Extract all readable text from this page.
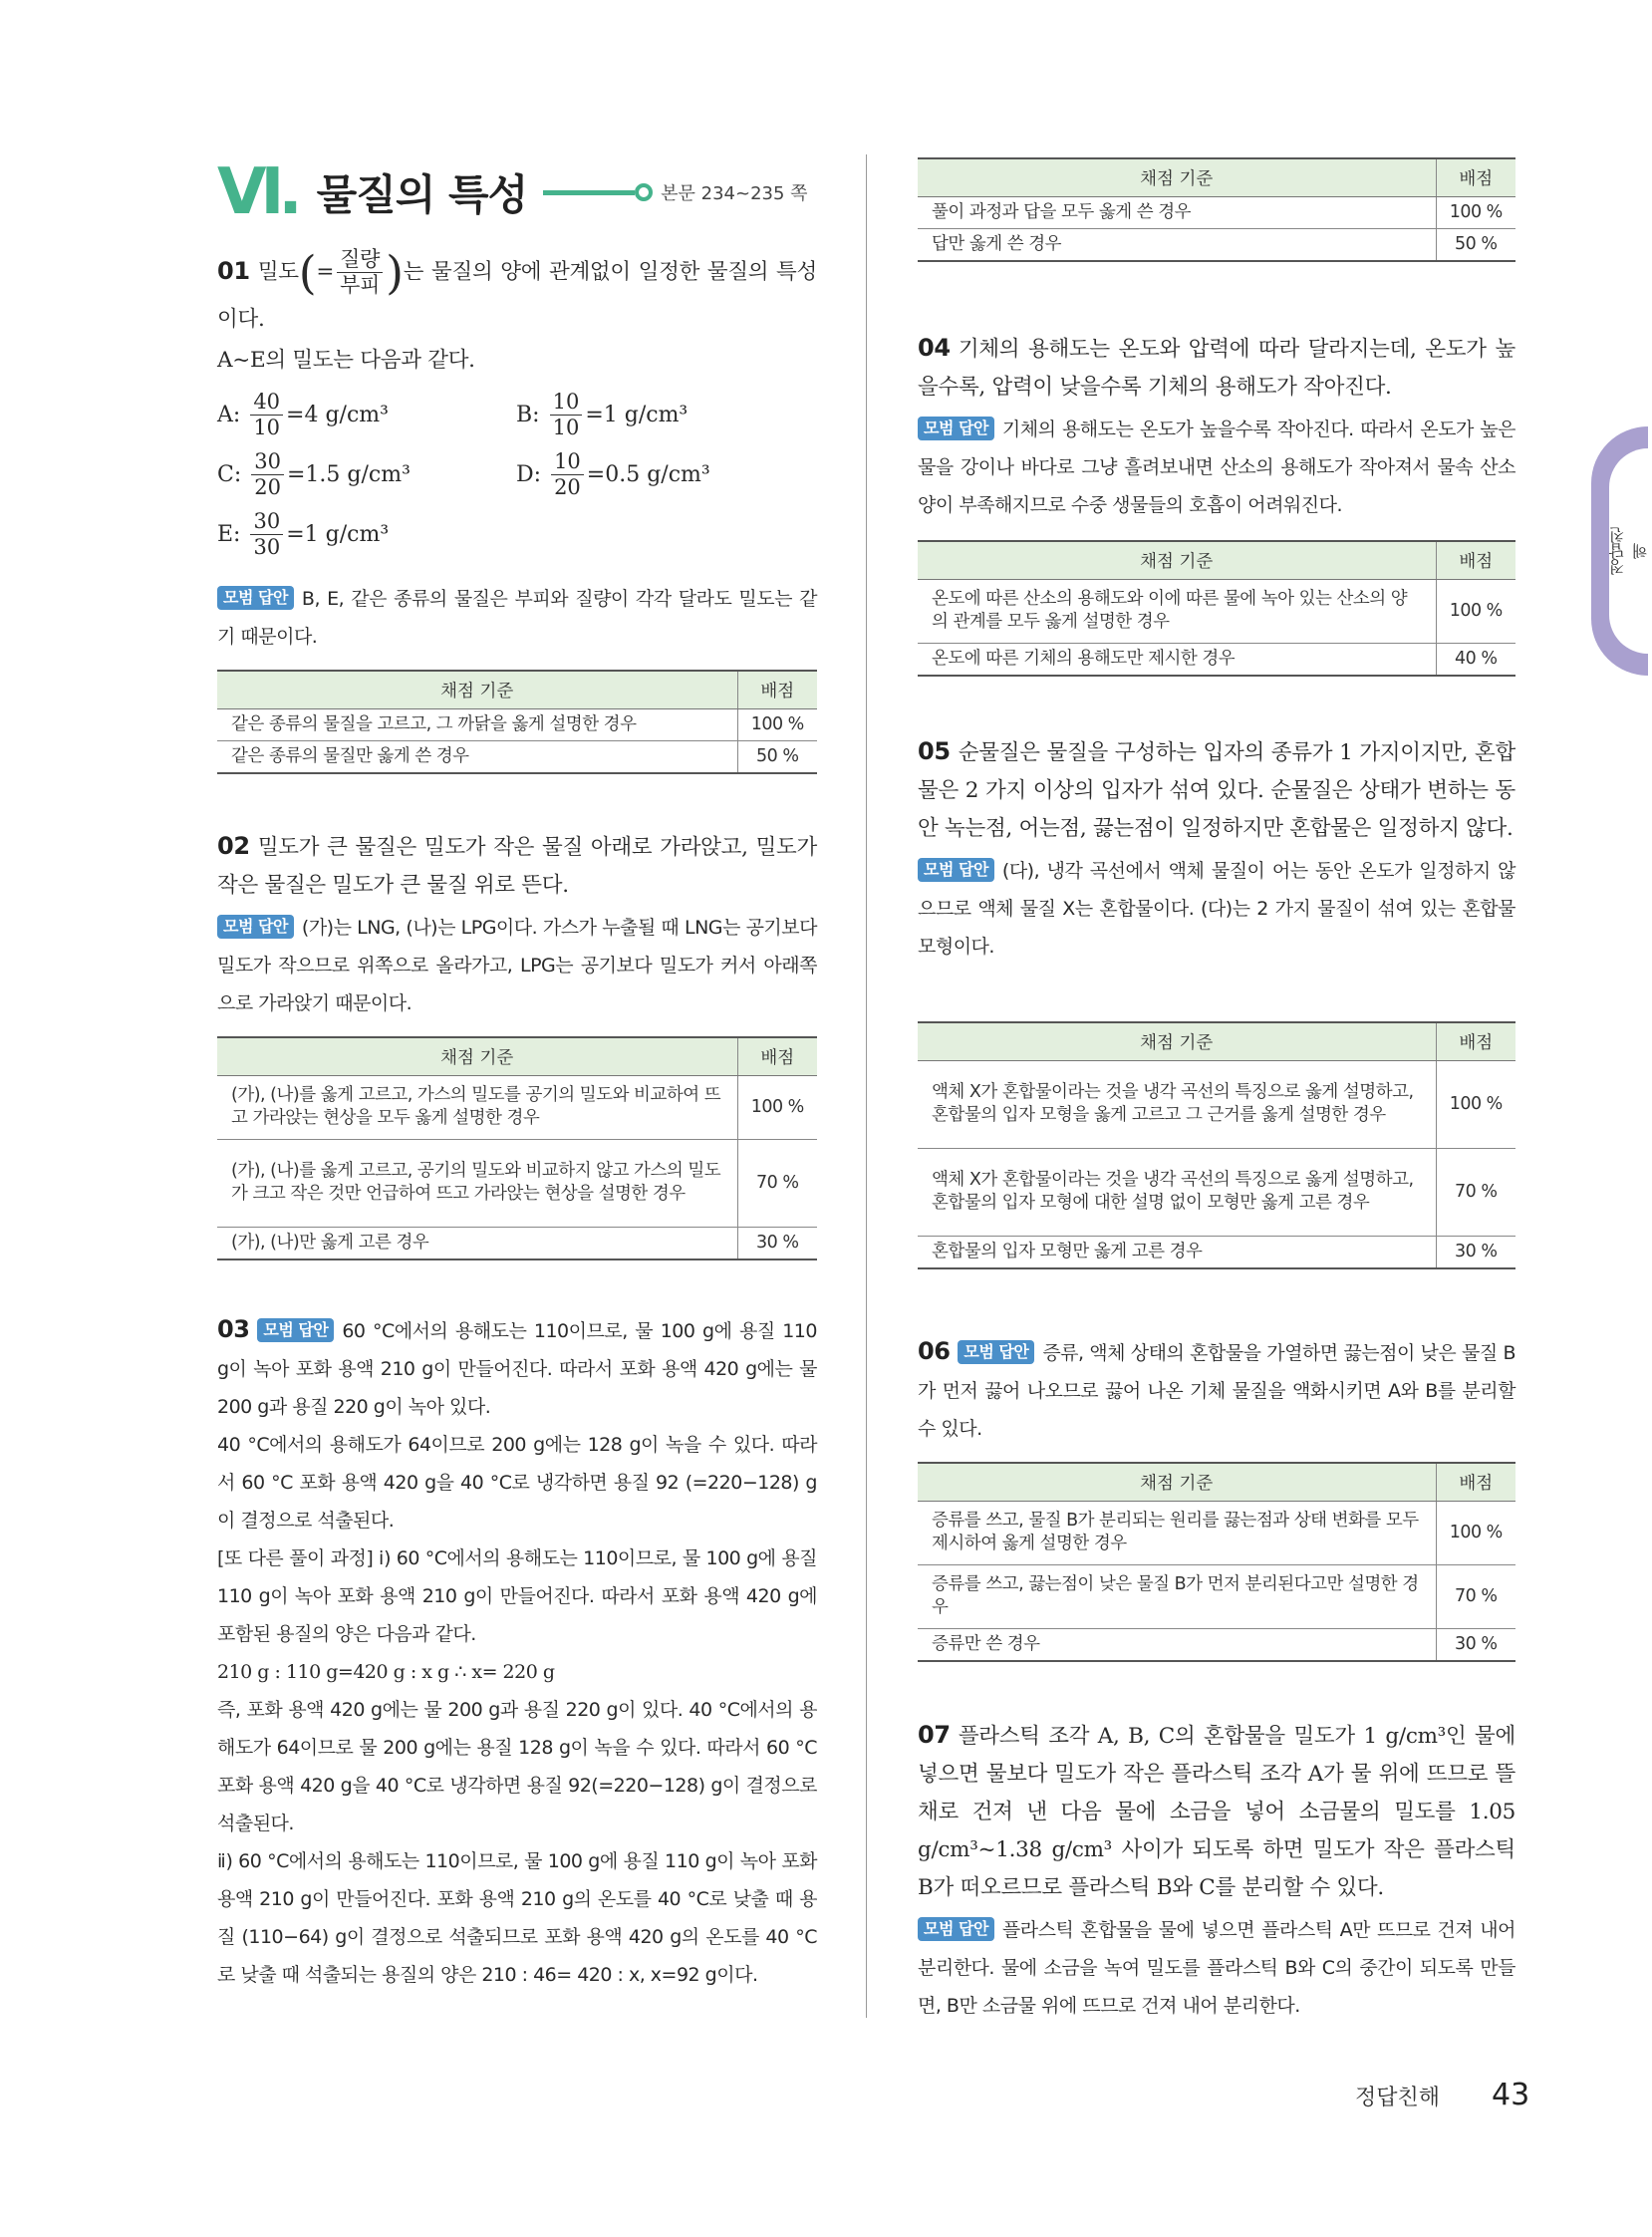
VI. 물질의 특성	본문 234~235 쪽

01 밀도(= $\frac{\text{질량}}{\text{부피}}$ )는 물질의 양에 관계없이 일정한 물질의 특성이다.

A~E의 밀도는 다음과 같다.

A:
$\frac{40}{10} =4$ g/cm³	B:
$\frac{10}{10} =1$ g/cm³
C:
$\frac{30}{20} =1.5$ g/cm³	D:
$\frac{10}{20} =0.5$ g/cm³
E:
$\frac{30}{30} =1$ g/cm³

모범 답안 B, E, 같은 종류의 물질은 부피와 질량이 각각 달라도 밀도는 같기 때문이다.

채점 기준	배점
같은 종류의 물질을 고르고, 그 까닭을 옳게 설명한 경우	100 %
같은 종류의 물질만 옳게 쓴 경우	50 %

02 밀도가 큰 물질은 밀도가 작은 물질 아래로 가라앉고, 밀도가 작은 물질은 밀도가 큰 물질 위로 뜬다.

모범 답안 (가)는 LNG, (나)는 LPG이다. 가스가 누출될 때 LNG는 공기보다 밀도가 작으므로 위쪽으로 올라가고, LPG는 공기보다 밀도가 커서 아래쪽으로 가라앉기 때문이다.

채점 기준	배점
(가), (나)를 옳게 고르고, 가스의 밀도를 공기의 밀도와 비교하여 뜨고 가라앉는 현상을 모두 옳게 설명한 경우	100 %
(가), (나)를 옳게 고르고, 공기의 밀도와 비교하지 않고 가스의 밀도가 크고 작은 것만 언급하여 뜨고 가라앉는 현상을 설명한 경우	70 %
(가), (나)만 옳게 고른 경우	30 %

03 모범 답안 60 °C에서의 용해도는 110이므로, 물 100 g에 용질 110 g이 녹아 포화 용액 210 g이 만들어진다. 따라서 포화 용액 420 g에는 물 200 g과 용질 220 g이 녹아 있다.

40 °C에서의 용해도가 64이므로 200 g에는 128 g이 녹을 수 있다. 따라서 60 °C 포화 용액 420 g을 40 °C로 냉각하면 용질 92 (=220−128) g이 결정으로 석출된다.

[또 다른 풀이 과정] ⅰ) 60 °C에서의 용해도는 110이므로, 물 100 g에 용질 110 g이 녹아 포화 용액 210 g이 만들어진다. 따라서 포화 용액 420 g에 포함된 용질의 양은 다음과 같다.

210 g : 110 g=420 g : x g ∴ x= 220 g

즉, 포화 용액 420 g에는 물 200 g과 용질 220 g이 있다. 40 °C에서의 용해도가 64이므로 물 200 g에는 용질 128 g이 녹을 수 있다. 따라서 60 °C 포화 용액 420 g을 40 °C로 냉각하면 용질 92(=220−128) g이 결정으로 석출된다.

ⅱ) 60 °C에서의 용해도는 110이므로, 물 100 g에 용질 110 g이 녹아 포화 용액 210 g이 만들어진다. 포화 용액 210 g의 온도를 40 °C로 낮출 때 용질 (110−64) g이 결정으로 석출되므로 포화 용액 420 g의 온도를 40 °C로 낮출 때 석출되는 용질의 양은 210 : 46= 420 : x, x=92 g이다.

채점 기준	배점
풀이 과정과 답을 모두 옳게 쓴 경우	100 %
답만 옳게 쓴 경우	50 %

04 기체의 용해도는 온도와 압력에 따라 달라지는데, 온도가 높을수록, 압력이 낮을수록 기체의 용해도가 작아진다.

모범 답안 기체의 용해도는 온도가 높을수록 작아진다. 따라서 온도가 높은 물을 강이나 바다로 그냥 흘려보내면 산소의 용해도가 작아져서 물속 산소 양이 부족해지므로 수중 생물들의 호흡이 어려워진다.

채점 기준	배점
온도에 따른 산소의 용해도와 이에 따른 물에 녹아 있는 산소의 양의 관계를 모두 옳게 설명한 경우	100 %
온도에 따른 기체의 용해도만 제시한 경우	40 %

05 순물질은 물질을 구성하는 입자의 종류가 1 가지이지만, 혼합물은 2 가지 이상의 입자가 섞여 있다. 순물질은 상태가 변하는 동안 녹는점, 어는점, 끓는점이 일정하지만 혼합물은 일정하지 않다.

모범 답안 (다), 냉각 곡선에서 액체 물질이 어는 동안 온도가 일정하지 않으므로 액체 물질 X는 혼합물이다. (다)는 2 가지 물질이 섞여 있는 혼합물 모형이다.

채점 기준	배점
액체 X가 혼합물이라는 것을 냉각 곡선의 특징으로 옳게 설명하고, 혼합물의 입자 모형을 옳게 고르고 그 근거를 옳게 설명한 경우	100 %
액체 X가 혼합물이라는 것을 냉각 곡선의 특징으로 옳게 설명하고, 혼합물의 입자 모형에 대한 설명 없이 모형만 옳게 고른 경우	70 %
혼합물의 입자 모형만 옳게 고른 경우	30 %

06 모범 답안 증류, 액체 상태의 혼합물을 가열하면 끓는점이 낮은 물질 B가 먼저 끓어 나오므로 끓어 나온 기체 물질을 액화시키면 A와 B를 분리할 수 있다.

채점 기준	배점
증류를 쓰고, 물질 B가 분리되는 원리를 끓는점과 상태 변화를 모두 제시하여 옳게 설명한 경우	100 %
증류를 쓰고, 끓는점이 낮은 물질 B가 먼저 분리된다고만 설명한 경우	70 %
증류만 쓴 경우	30 %

07 플라스틱 조각 A, B, C의 혼합물을 밀도가 1 g/cm³인 물에 넣으면 물보다 밀도가 작은 플라스틱 조각 A가 물 위에 뜨므로 뜰채로 건져 낸 다음 물에 소금을 넣어 소금물의 밀도를 1.05 g/cm³~1.38 g/cm³ 사이가 되도록 하면 밀도가 작은 플라스틱 B가 떠오르므로 플라스틱 B와 C를 분리할 수 있다.

모범 답안 플라스틱 혼합물을 물에 넣으면 플라스틱 A만 뜨므로 건져 내어 분리한다. 물에 소금을 녹여 밀도를 플라스틱 B와 C의 중간이 되도록 만들면, B만 소금물 위에 뜨므로 건져 내어 분리한다.

정답친해
정답친해 43
